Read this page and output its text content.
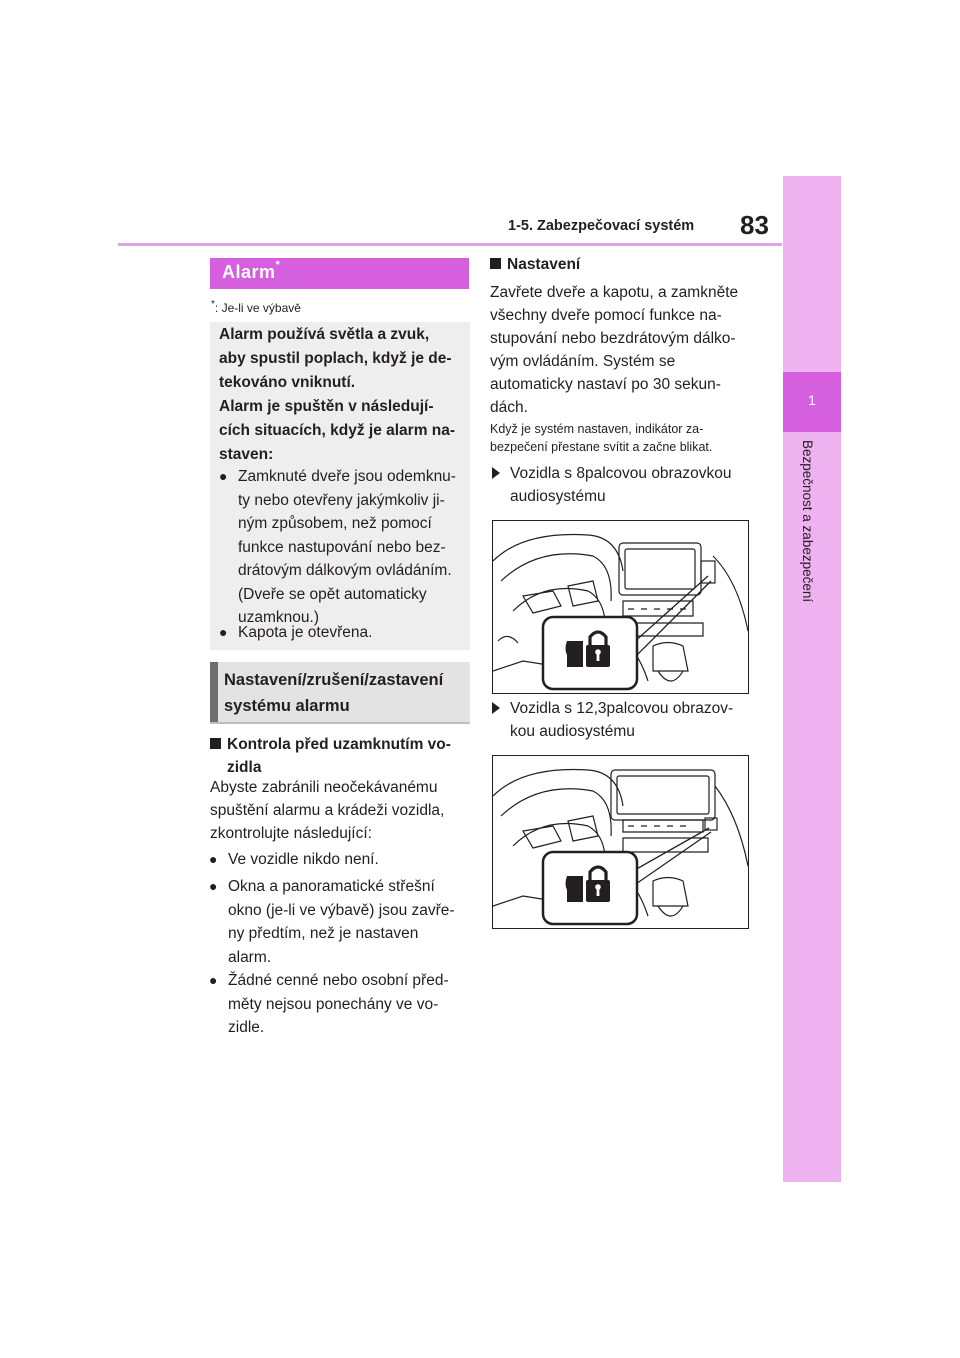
1-5. Zabezpečovací systém 83
1
Bezpečnost a zabezpečení
Alarm*
*: Je-li ve výbavě
Alarm používá světla a zvuk,
aby spustil poplach, když je de-
tekováno vniknutí.
Alarm je spuštěn v následují-
cích situacích, když je alarm na-
staven:
● Zamknuté dveře jsou odemknu-
ty nebo otevřeny jakýmkoliv ji-
ným způsobem, než pomocí
funkce nastupování nebo bez-
drátovým dálkovým ovládáním.
(Dveře se opět automaticky
uzamknou.)
● Kapota je otevřena.
Nastavení/zrušení/zastavení
systému alarmu
Kontrola před uzamknutím vo-
zidla
Abyste zabránili neočekávanému
spuštění alarmu a krádeži vozidla,
zkontrolujte následující:
● Ve vozidle nikdo není.
● Okna a panoramatické střešní
okno (je-li ve výbavě) jsou zavře-
ny předtím, než je nastaven
alarm.
● Žádné cenné nebo osobní před-
měty nejsou ponechány ve vo-
zidle.
Nastavení
Zavřete dveře a kapotu, a zamkněte
všechny dveře pomocí funkce na-
stupování nebo bezdrátovým dálko-
vým ovládáním. Systém se
automaticky nastaví po 30 sekun-
dách.
Když je systém nastaven, indikátor za-
bezpečení přestane svítit a začne blikat.
Vozidla s 8palcovou obrazovkou
audiosystému
Vozidla s 12,3palcovou obrazov-
kou audiosystému
